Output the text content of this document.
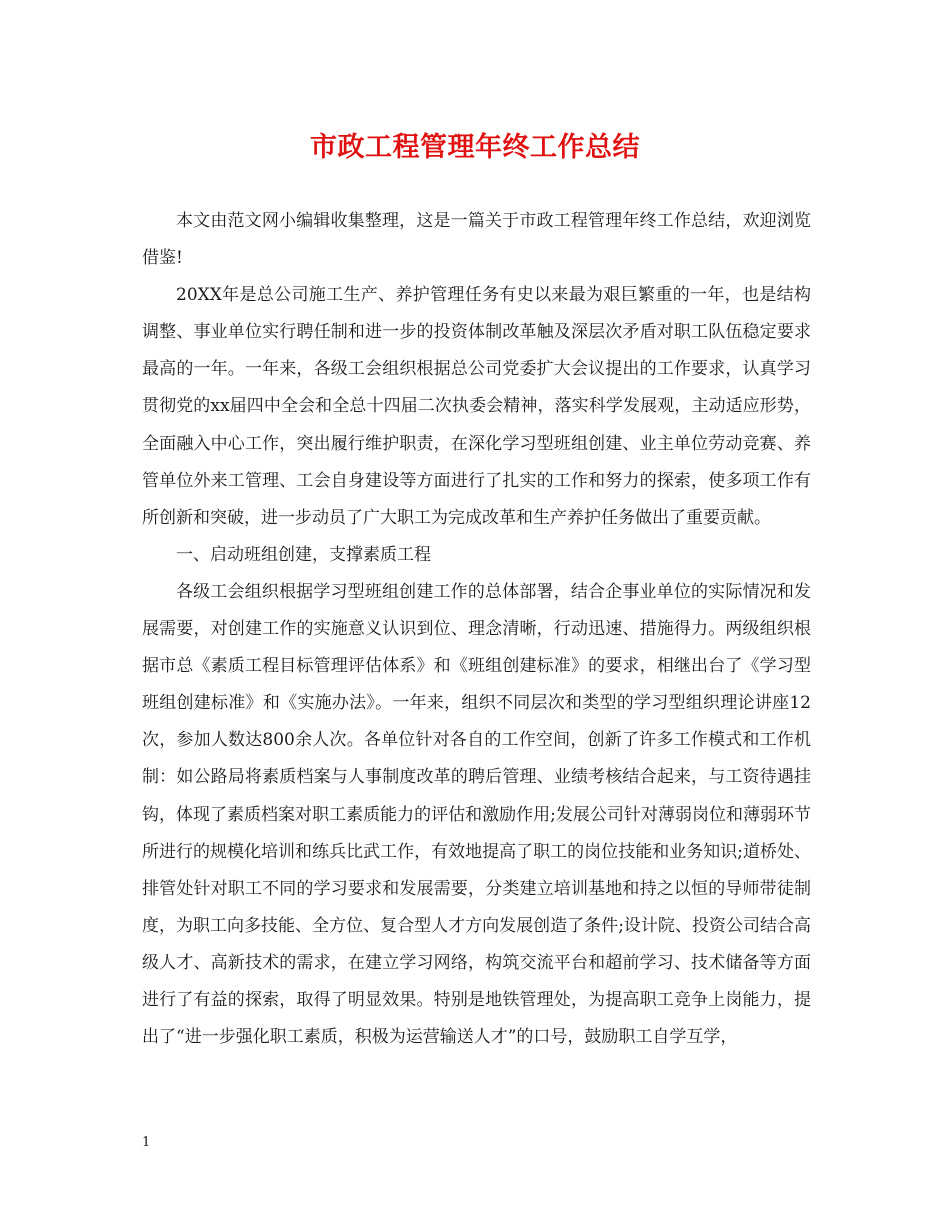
市政工程管理年终工作总结

本文由范文网小编辑收集整理，这是一篇关于市政工程管理年终工作总结，欢迎浏览借鉴!

20XX年是总公司施工生产、养护管理任务有史以来最为艰巨繁重的一年，也是结构调整、事业单位实行聘任制和进一步的投资体制改革触及深层次矛盾对职工队伍稳定要求最高的一年。一年来，各级工会组织根据总公司党委扩大会议提出的工作要求，认真学习贯彻党的xx届四中全会和全总十四届二次执委会精神，落实科学发展观，主动适应形势，全面融入中心工作，突出履行维护职责，在深化学习型班组创建、业主单位劳动竞赛、养管单位外来工管理、工会自身建设等方面进行了扎实的工作和努力的探索，使多项工作有所创新和突破，进一步动员了广大职工为完成改革和生产养护任务做出了重要贡献。

一、启动班组创建，支撑素质工程

各级工会组织根据学习型班组创建工作的总体部署，结合企事业单位的实际情况和发展需要，对创建工作的实施意义认识到位、理念清晰，行动迅速、措施得力。两级组织根据市总《素质工程目标管理评估体系》和《班组创建标准》的要求，相继出台了《学习型班组创建标准》和《实施办法》。一年来，组织不同层次和类型的学习型组织理论讲座12次，参加人数达800余人次。各单位针对各自的工作空间，创新了许多工作模式和工作机制：如公路局将素质档案与人事制度改革的聘后管理、业绩考核结合起来，与工资待遇挂钩，体现了素质档案对职工素质能力的评估和激励作用;发展公司针对薄弱岗位和薄弱环节所进行的规模化培训和练兵比武工作，有效地提高了职工的岗位技能和业务知识;道桥处、排管处针对职工不同的学习要求和发展需要，分类建立培训基地和持之以恒的导师带徒制度，为职工向多技能、全方位、复合型人才方向发展创造了条件;设计院、投资公司结合高级人才、高新技术的需求，在建立学习网络，构筑交流平台和超前学习、技术储备等方面进行了有益的探索，取得了明显效果。特别是地铁管理处，为提高职工竞争上岗能力，提出了“进一步强化职工素质，积极为运营输送人才”的口号，鼓励职工自学互学，

1
